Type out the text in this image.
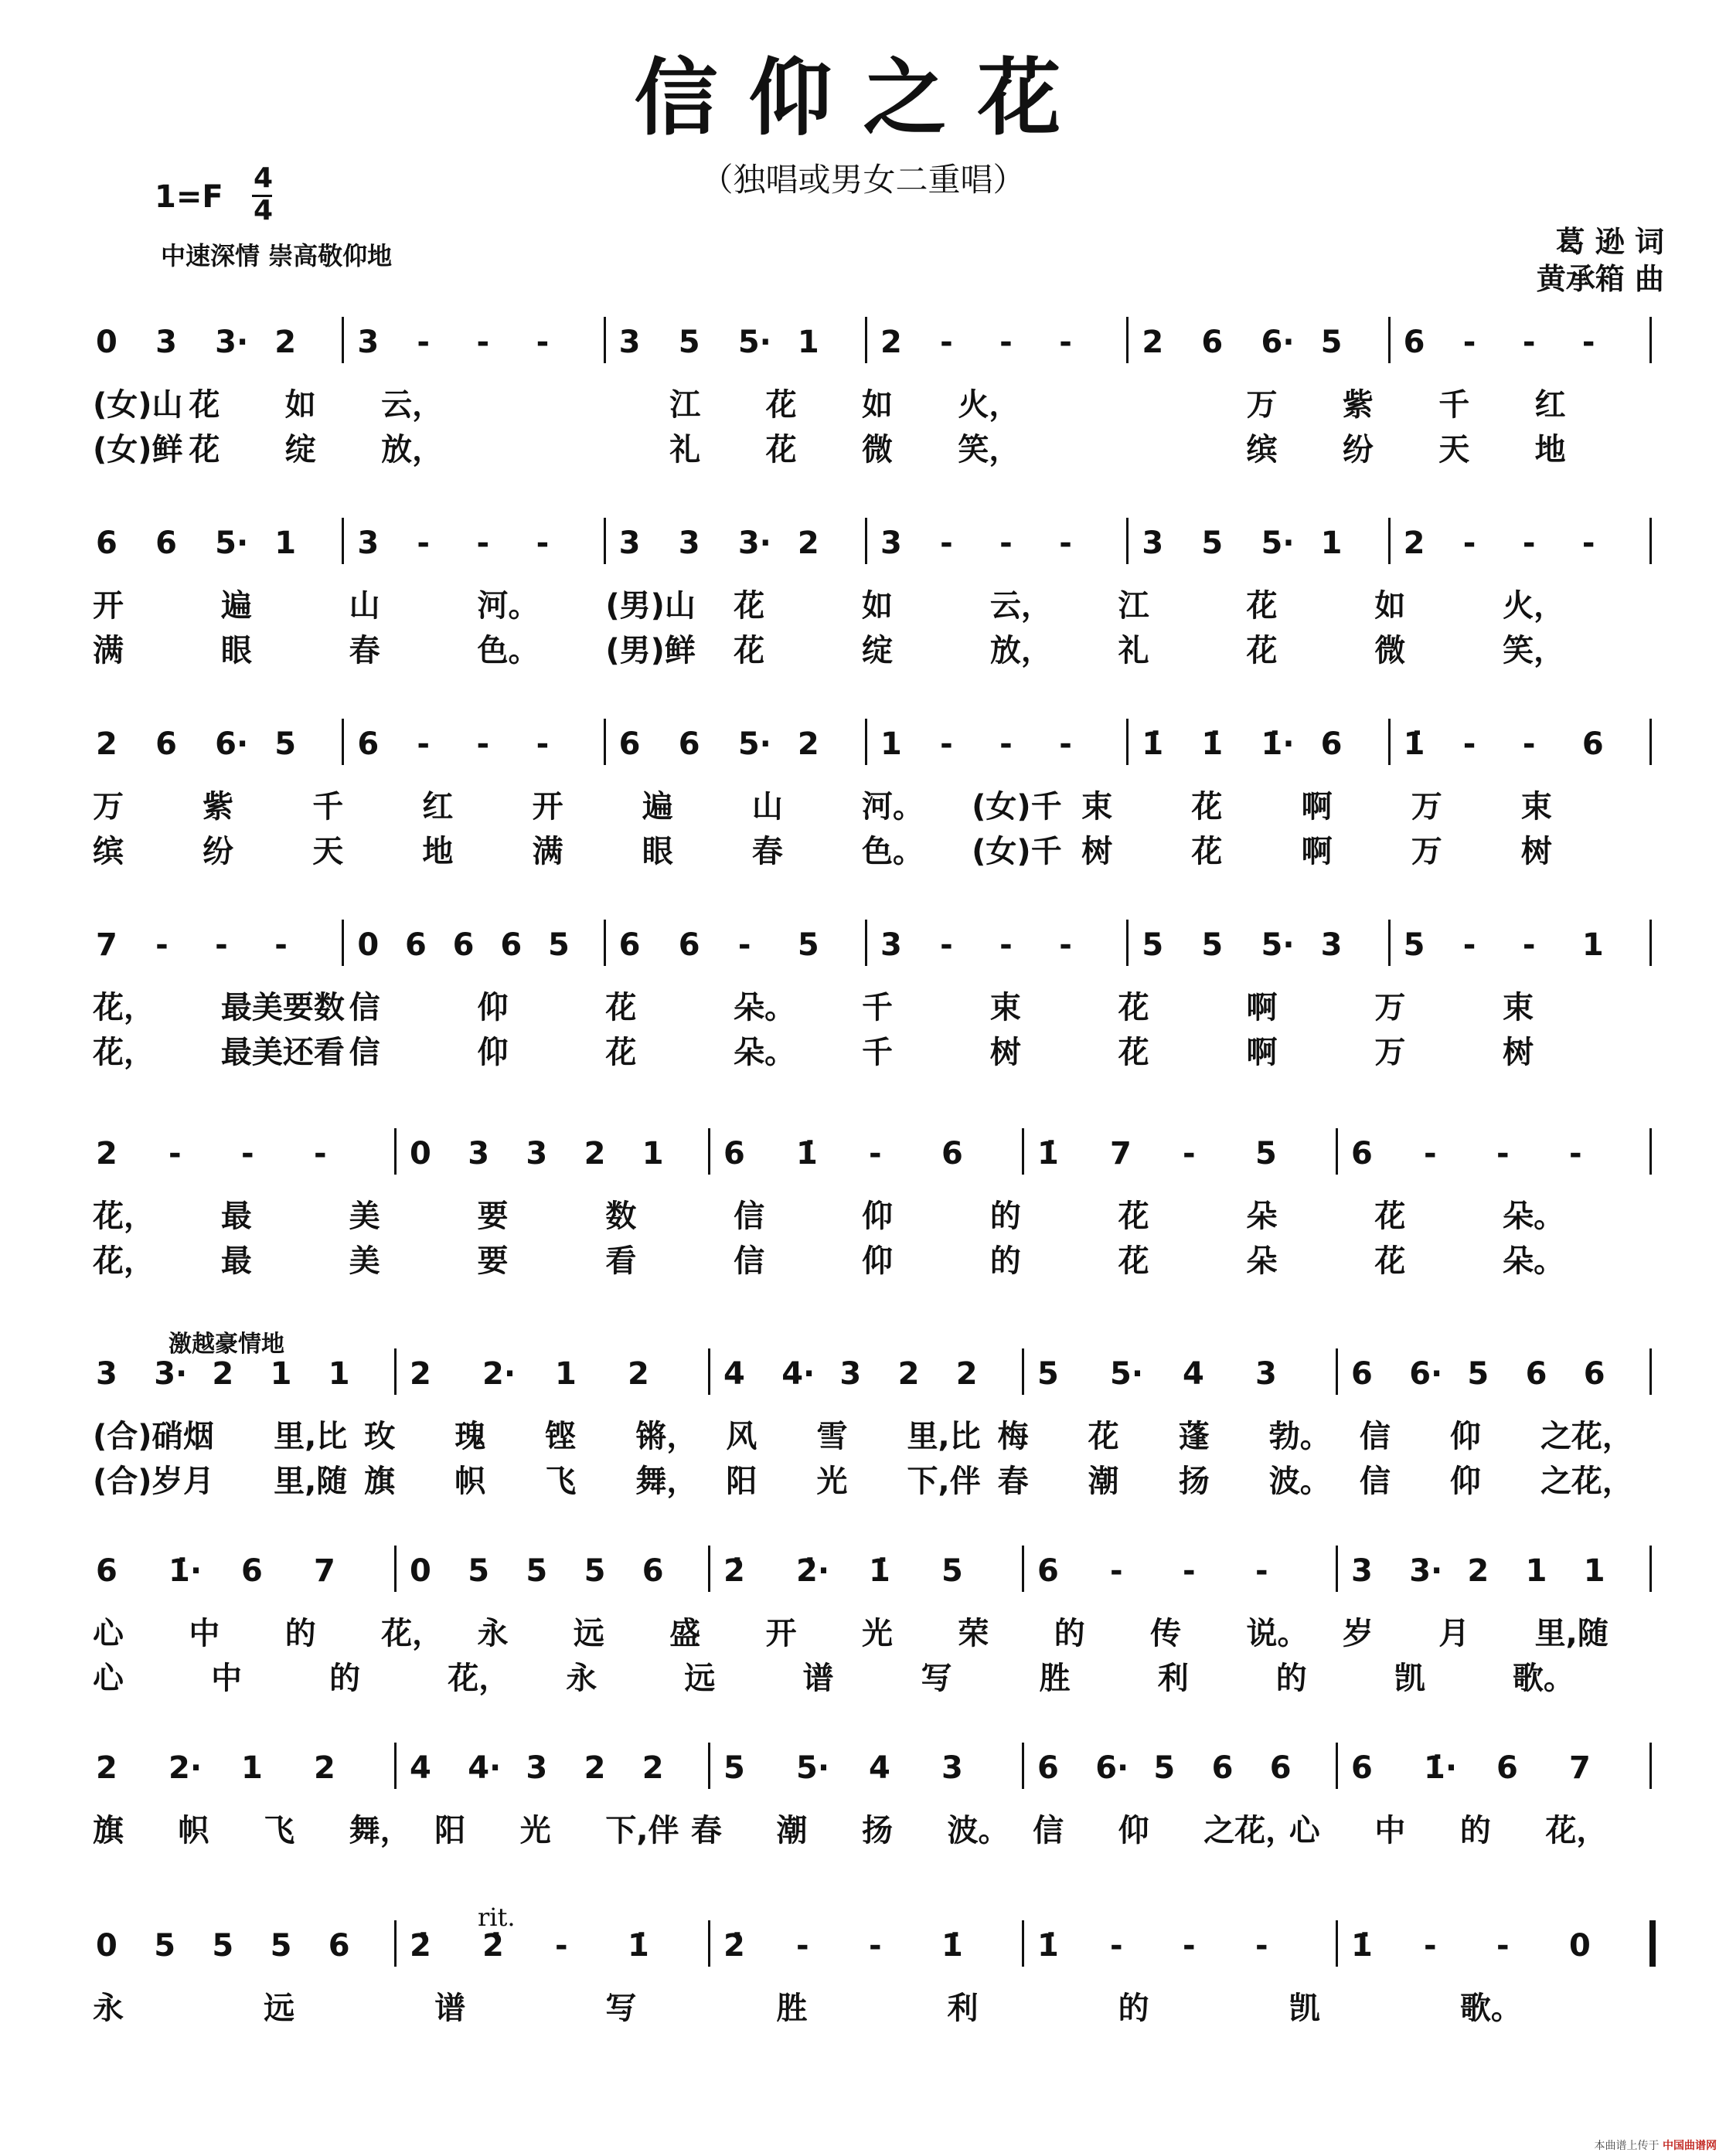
信仰之花
（独唱或男女二重唱）
1=F
4
4
中速深情 崇高敬仰地	葛 逊 词
黄承箱 曲
激越豪情地
rit.
0 3 3· 2 3 - - - 3 5 5· 1 2 - - - 2 6 6· 5 6 - - -
(女)山 花 如 云，	江 花 如 火，	万 紫 千 红
(女)鲜 花 绽 放，	礼 花 微 笑，	缤 纷 天 地
6 6 5· 1 3 - - - 3 3 3· 2 3 - - - 3 5 5· 1 2 - - -
开	遍	山	河。 (男)山 花	如	云， 江	花	如	火，
满	眼	春	色。 (男)鲜 花	绽	放， 礼	花	微	笑，
2 6 6· 5 6 - - - 6 6 5· 2 1 - - - 1̇ 1̇ 1̇· 6 1̇ - - 6
万	紫	千	红	开	遍	山	河。 (女)千 束	花	啊	万	束
缤	纷	天	地	满	眼	春	色。 (女)千 树	花	啊	万	树
7 - - - 0 6 6 6 5 6 6 - 5 3 - - - 5 5 5· 3 5 - - 1
花， 最美要数 信	仰	花	朵。 千	束	花	啊	万	束
花， 最美还看 信	仰	花	朵。 千	树	花	啊	万	树
2 - - -	0 3 3 2 1 6 1̇ - 6 1̇ 7 - 5 6 - - -
花， 最	美	要	数	信	仰	的	花	朵	花	朵。
花， 最	美	要	看	信	仰	的	花	朵	花	朵。
3 3· 2 1 1 2 2· 1 2 4 4· 3 2 2 5 5· 4 3 6 6· 5 6 6
(合)硝 烟 里,比 玫 瑰 铿 锵， 风 雪 里,比 梅 花 蓬 勃。 信 仰 之花，
(合)岁 月 里,随 旗 帜 飞 舞， 阳 光 下,伴 春 潮 扬 波。 信 仰 之花，
6 1̇· 6 7 0 5 5 5 6 2̇ 2̇· 1̇ 5 6 - - -	3 3· 2 1 1
心 中 的 花， 永 远 盛 开 光 荣 的 传 说。 岁 月 里,随
心	中	的	花， 永	远	谱	写	胜	利	的	凯	歌。
2 2· 1 2 4 4· 3 2 2 5 5· 4 3 6 6· 5 6 6 6 1̇· 6 7
旗 帜 飞 舞， 阳 光 下,伴 春 潮 扬 波。 信 仰 之花，
心 中 的 花，
0 5 5 5 6 2̇ 2̇ - 1̇ 2̇ - - 1̇ 1̇ - - -	1̇ - - 0
永	远	谱	写	胜	利	的	凯	歌。
本曲谱上传于 中国曲谱网
